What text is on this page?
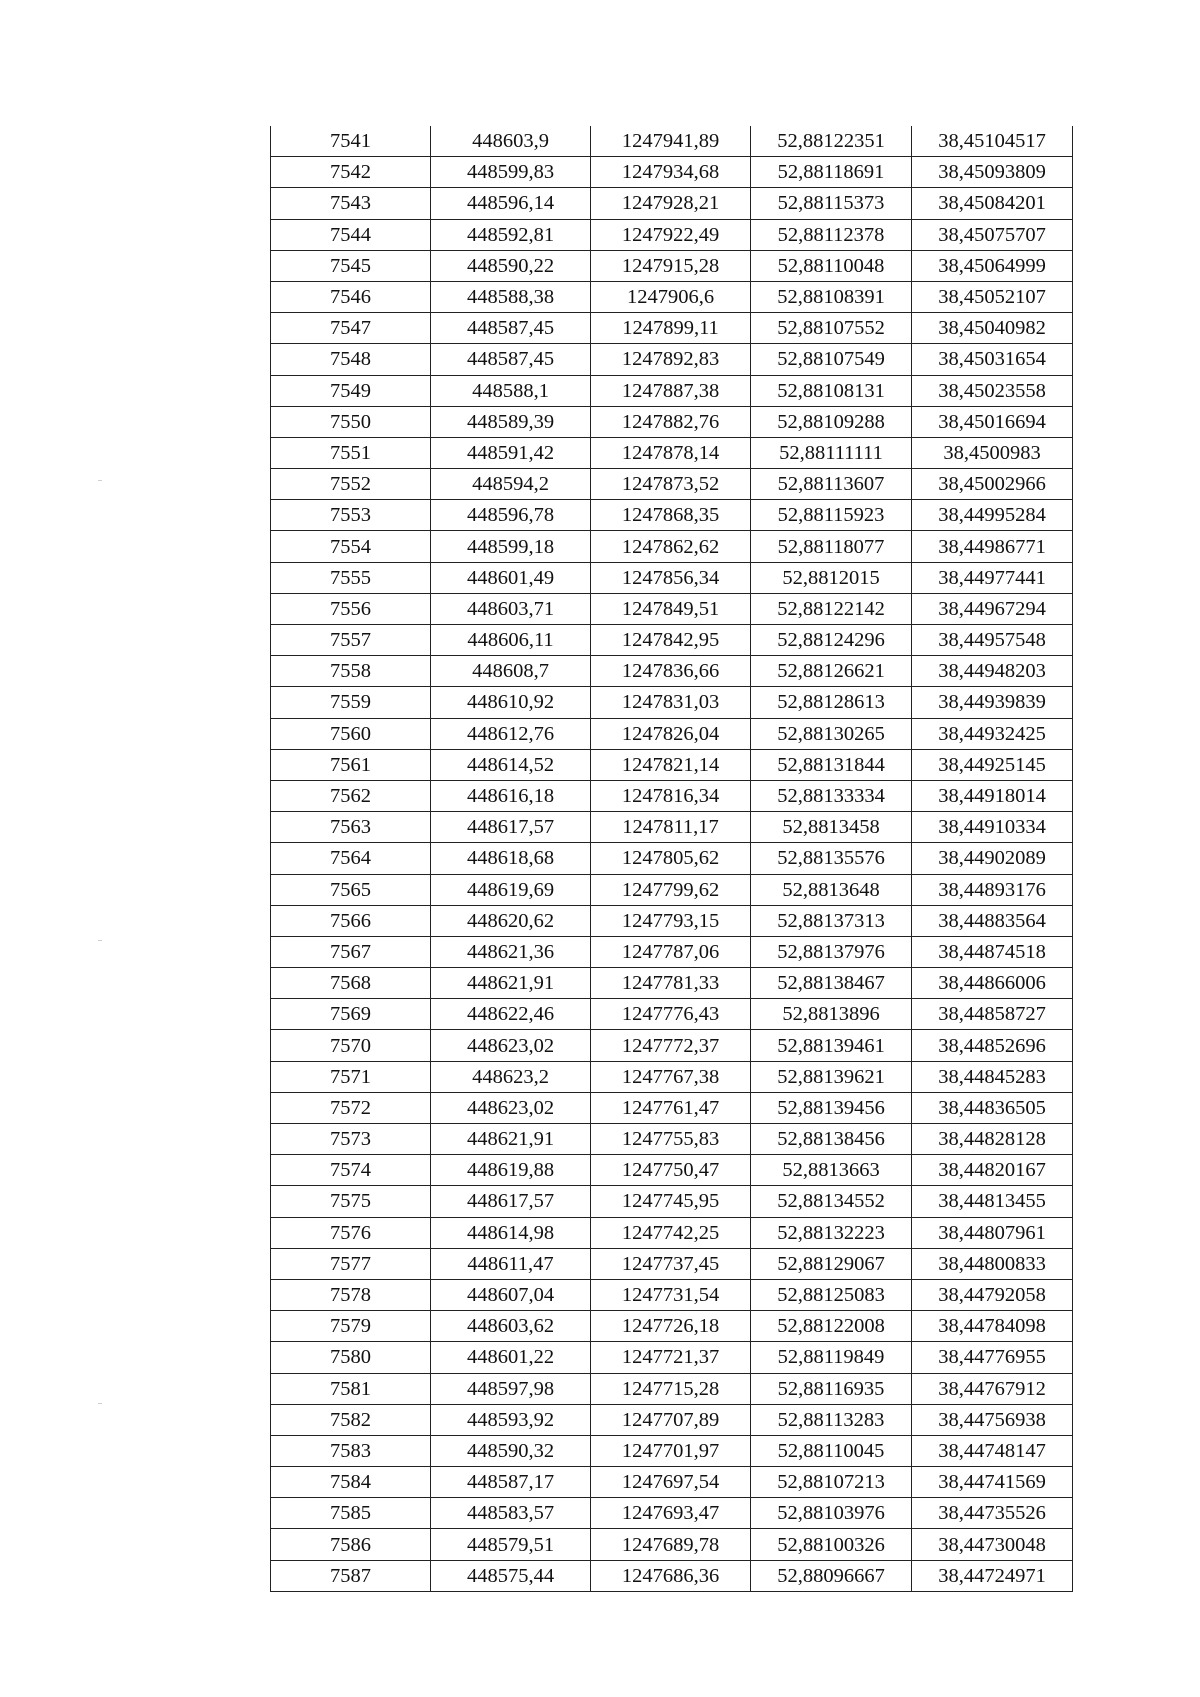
7541	448603,9	1247941,89	52,88122351	38,45104517
7542	448599,83	1247934,68	52,88118691	38,45093809
7543	448596,14	1247928,21	52,88115373	38,45084201
7544	448592,81	1247922,49	52,88112378	38,45075707
7545	448590,22	1247915,28	52,88110048	38,45064999
7546	448588,38	1247906,6	52,88108391	38,45052107
7547	448587,45	1247899,11	52,88107552	38,45040982
7548	448587,45	1247892,83	52,88107549	38,45031654
7549	448588,1	1247887,38	52,88108131	38,45023558
7550	448589,39	1247882,76	52,88109288	38,45016694
7551	448591,42	1247878,14	52,88111111	38,4500983
7552	448594,2	1247873,52	52,88113607	38,45002966
7553	448596,78	1247868,35	52,88115923	38,44995284
7554	448599,18	1247862,62	52,88118077	38,44986771
7555	448601,49	1247856,34	52,8812015	38,44977441
7556	448603,71	1247849,51	52,88122142	38,44967294
7557	448606,11	1247842,95	52,88124296	38,44957548
7558	448608,7	1247836,66	52,88126621	38,44948203
7559	448610,92	1247831,03	52,88128613	38,44939839
7560	448612,76	1247826,04	52,88130265	38,44932425
7561	448614,52	1247821,14	52,88131844	38,44925145
7562	448616,18	1247816,34	52,88133334	38,44918014
7563	448617,57	1247811,17	52,8813458	38,44910334
7564	448618,68	1247805,62	52,88135576	38,44902089
7565	448619,69	1247799,62	52,8813648	38,44893176
7566	448620,62	1247793,15	52,88137313	38,44883564
7567	448621,36	1247787,06	52,88137976	38,44874518
7568	448621,91	1247781,33	52,88138467	38,44866006
7569	448622,46	1247776,43	52,8813896	38,44858727
7570	448623,02	1247772,37	52,88139461	38,44852696
7571	448623,2	1247767,38	52,88139621	38,44845283
7572	448623,02	1247761,47	52,88139456	38,44836505
7573	448621,91	1247755,83	52,88138456	38,44828128
7574	448619,88	1247750,47	52,8813663	38,44820167
7575	448617,57	1247745,95	52,88134552	38,44813455
7576	448614,98	1247742,25	52,88132223	38,44807961
7577	448611,47	1247737,45	52,88129067	38,44800833
7578	448607,04	1247731,54	52,88125083	38,44792058
7579	448603,62	1247726,18	52,88122008	38,44784098
7580	448601,22	1247721,37	52,88119849	38,44776955
7581	448597,98	1247715,28	52,88116935	38,44767912
7582	448593,92	1247707,89	52,88113283	38,44756938
7583	448590,32	1247701,97	52,88110045	38,44748147
7584	448587,17	1247697,54	52,88107213	38,44741569
7585	448583,57	1247693,47	52,88103976	38,44735526
7586	448579,51	1247689,78	52,88100326	38,44730048
7587	448575,44	1247686,36	52,88096667	38,44724971
